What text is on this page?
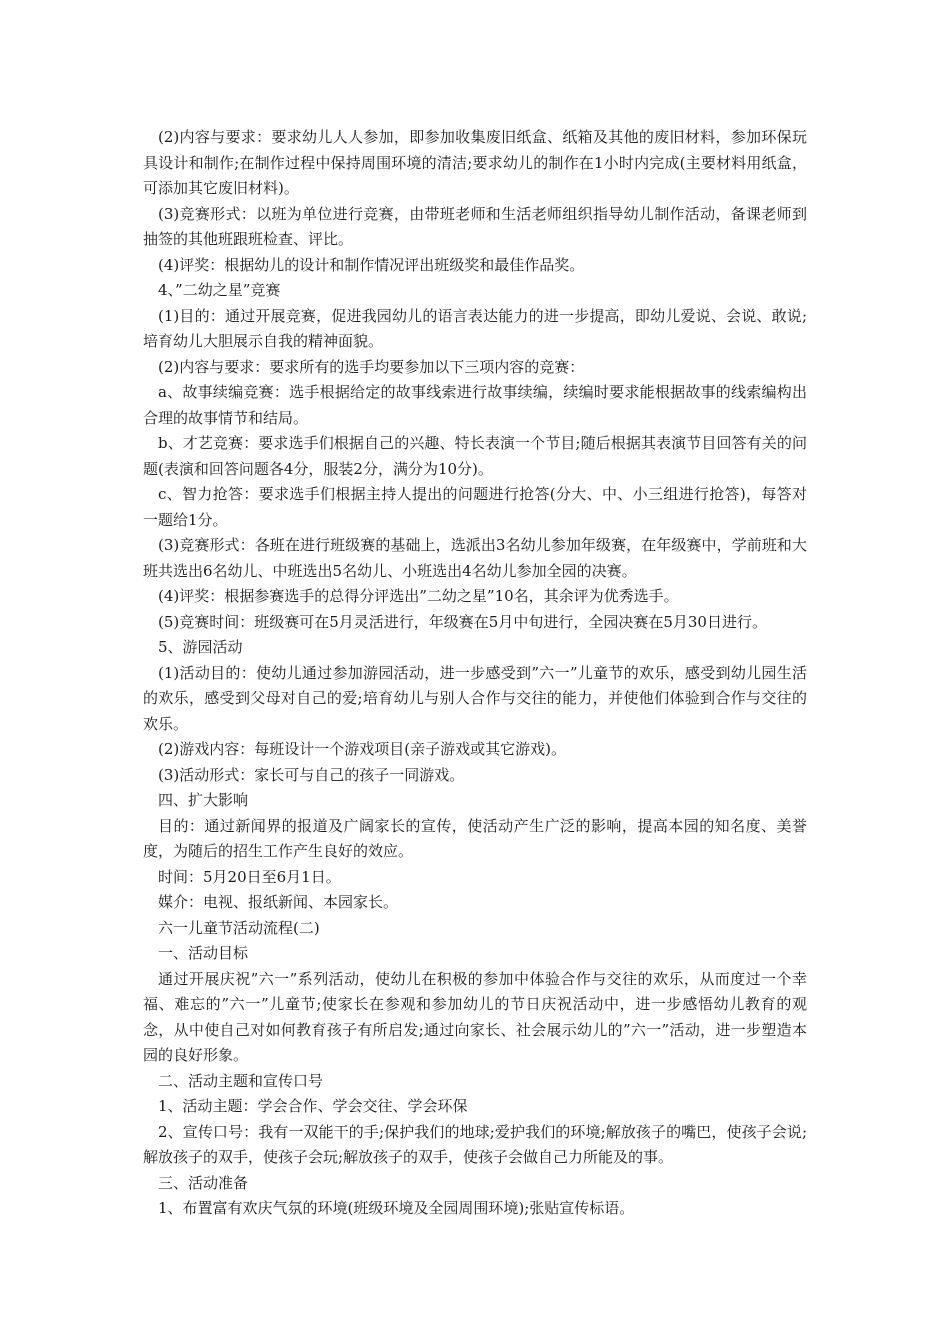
(2)内容与要求：要求幼儿人人参加，即参加收集废旧纸盒、纸箱及其他的废旧材料，参加环保玩具设计和制作;在制作过程中保持周围环境的清洁;要求幼儿的制作在1小时内完成(主要材料用纸盒，可添加其它废旧材料)。

(3)竞赛形式：以班为单位进行竞赛，由带班老师和生活老师组织指导幼儿制作活动，备课老师到抽签的其他班跟班检查、评比。

(4)评奖：根据幼儿的设计和制作情况评出班级奖和最佳作品奖。

4、”二幼之星”竞赛

(1)目的：通过开展竞赛，促进我园幼儿的语言表达能力的进一步提高，即幼儿爱说、会说、敢说;培育幼儿大胆展示自我的精神面貌。

(2)内容与要求：要求所有的选手均要参加以下三项内容的竞赛：

a、故事续编竞赛：选手根据给定的故事线索进行故事续编，续编时要求能根据故事的线索编构出合理的故事情节和结局。

b、才艺竞赛：要求选手们根据自己的兴趣、特长表演一个节目;随后根据其表演节目回答有关的问题(表演和回答问题各4分，服装2分，满分为10分)。

c、智力抢答：要求选手们根据主持人提出的问题进行抢答(分大、中、小三组进行抢答)，每答对一题给1分。

(3)竞赛形式：各班在进行班级赛的基础上，选派出3名幼儿参加年级赛，在年级赛中，学前班和大班共选出6名幼儿、中班选出5名幼儿、小班选出4名幼儿参加全园的决赛。

(4)评奖：根据参赛选手的总得分评选出”二幼之星”10名，其余评为优秀选手。

(5)竞赛时间：班级赛可在5月灵活进行，年级赛在5月中旬进行，全园决赛在5月30日进行。

5、游园活动

(1)活动目的：使幼儿通过参加游园活动，进一步感受到”六一”儿童节的欢乐，感受到幼儿园生活的欢乐，感受到父母对自己的爱;培育幼儿与别人合作与交往的能力，并使他们体验到合作与交往的欢乐。

(2)游戏内容：每班设计一个游戏项目(亲子游戏或其它游戏)。

(3)活动形式：家长可与自己的孩子一同游戏。

四、扩大影响

目的：通过新闻界的报道及广阔家长的宣传，使活动产生广泛的影响，提高本园的知名度、美誉度，为随后的招生工作产生良好的效应。

时间：5月20日至6月1日。

媒介：电视、报纸新闻、本园家长。

六一儿童节活动流程(二)

一、活动目标

通过开展庆祝”六一”系列活动，使幼儿在积极的参加中体验合作与交往的欢乐，从而度过一个幸福、难忘的”六一”儿童节;使家长在参观和参加幼儿的节日庆祝活动中，进一步感悟幼儿教育的观念，从中使自己对如何教育孩子有所启发;通过向家长、社会展示幼儿的”六一”活动，进一步塑造本园的良好形象。

二、活动主题和宣传口号

1、活动主题：学会合作、学会交往、学会环保

2、宣传口号：我有一双能干的手;保护我们的地球;爱护我们的环境;解放孩子的嘴巴，使孩子会说;解放孩子的双手，使孩子会玩;解放孩子的双手，使孩子会做自己力所能及的事。

三、活动准备

1、布置富有欢庆气氛的环境(班级环境及全园周围环境);张贴宣传标语。
